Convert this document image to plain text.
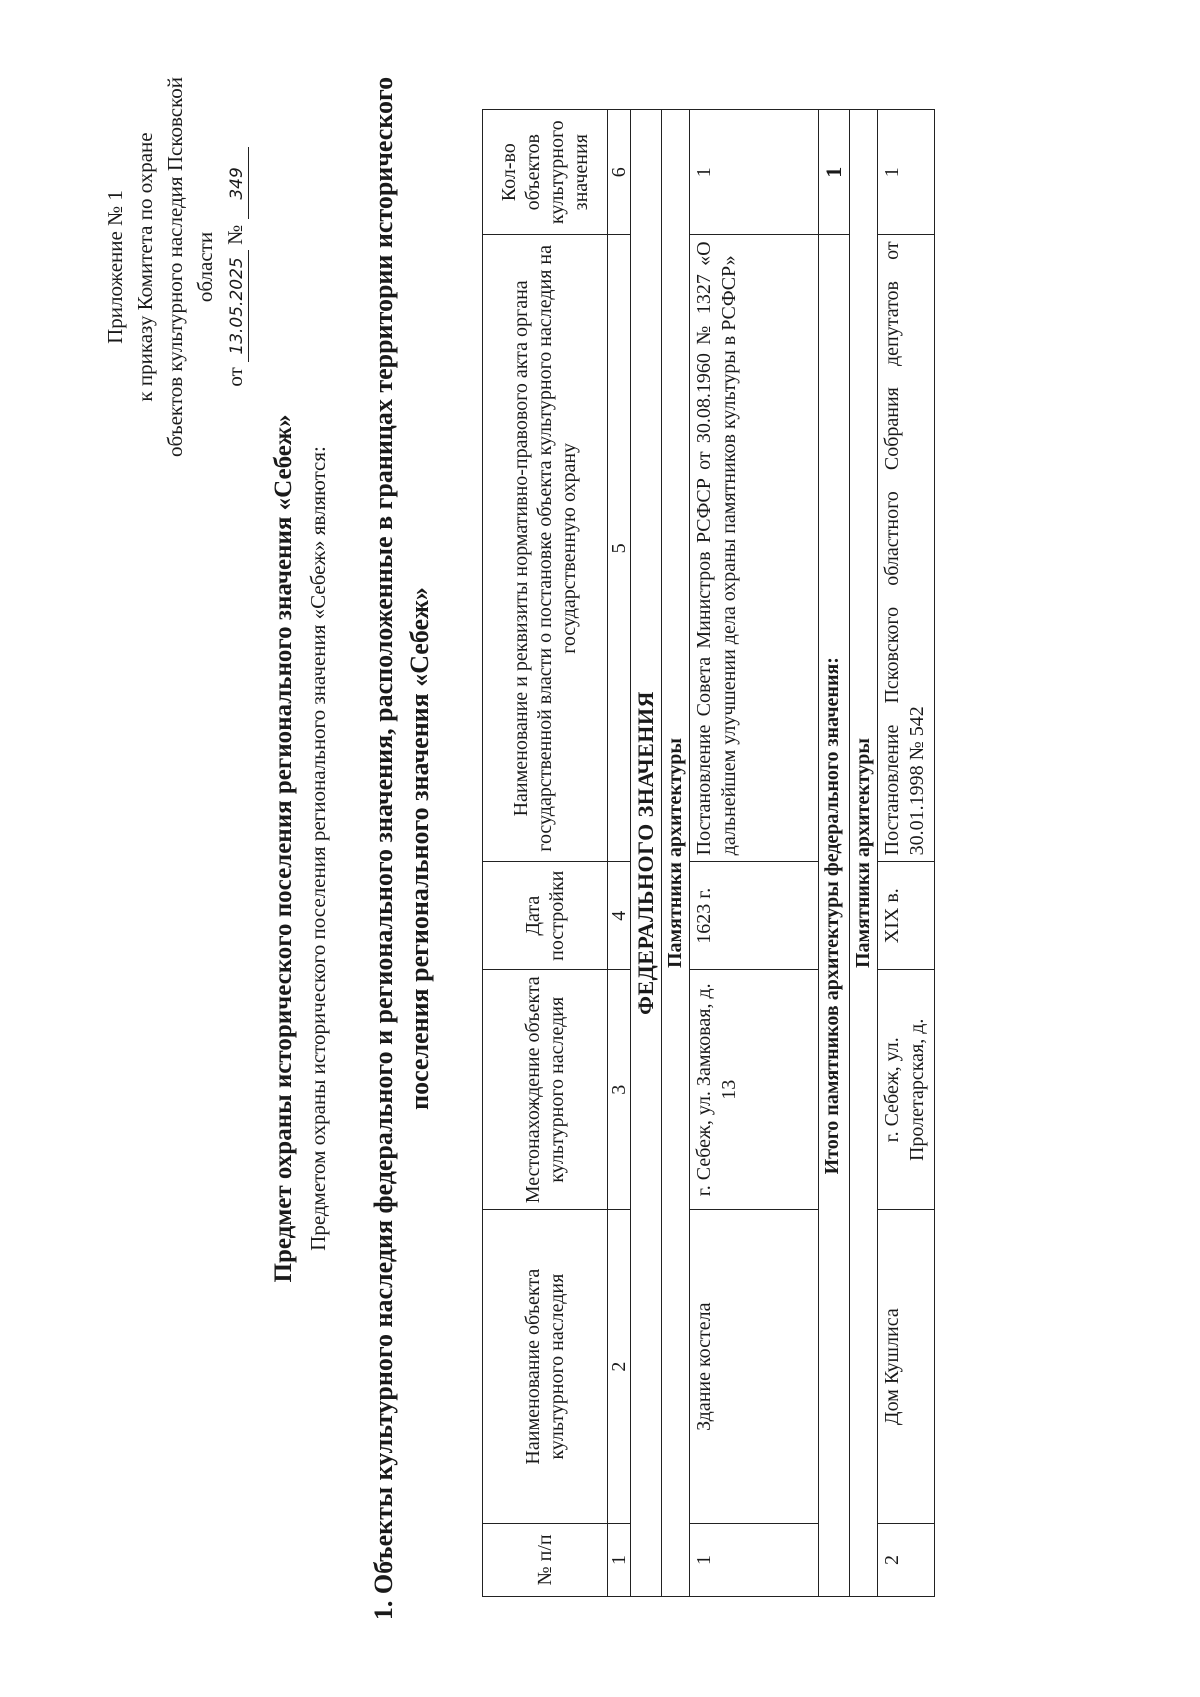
Приложение № 1 к приказу Комитета по охране объектов культурного наследия Псковской области
от 13.05.2025 № 349
Предмет охраны исторического поселения регионального значения «Себеж» Предметом охраны исторического поселения регионального значения «Себеж» являются: 1. Объекты культурного наследия федерального и регионального значения, расположенные в границах территории исторического поселения регионального значения «Себеж»
№ п/п	Наименование объекта культурного наследия	Местонахождение объекта культурного наследия	Дата постройки	Наименование и реквизиты нормативно-правового акта органа государственной власти о постановке объекта культурного наследия на государственную охрану	Кол-во объектов культурного значения
1	2	3	4	5	6
ФЕДЕРАЛЬНОГО ЗНАЧЕНИЯ					
Памятники архитектуры					
1	Здание костела	г. Себеж, ул. Замковая, д. 13	1623 г.	Постановление Совета Министров РСФСР от 30.08.1960 № 1327 «О дальнейшем улучшении дела охраны памятников культуры в РСФСР»	1
Итого памятников архитектуры федерального значения:					1
Памятники архитектуры					
2	Дом Кушлиса	г. Себеж, ул. Пролетарская, д.	XIX в.	Постановление Псковского областного Собрания депутатов от 30.01.1998 № 542	1
